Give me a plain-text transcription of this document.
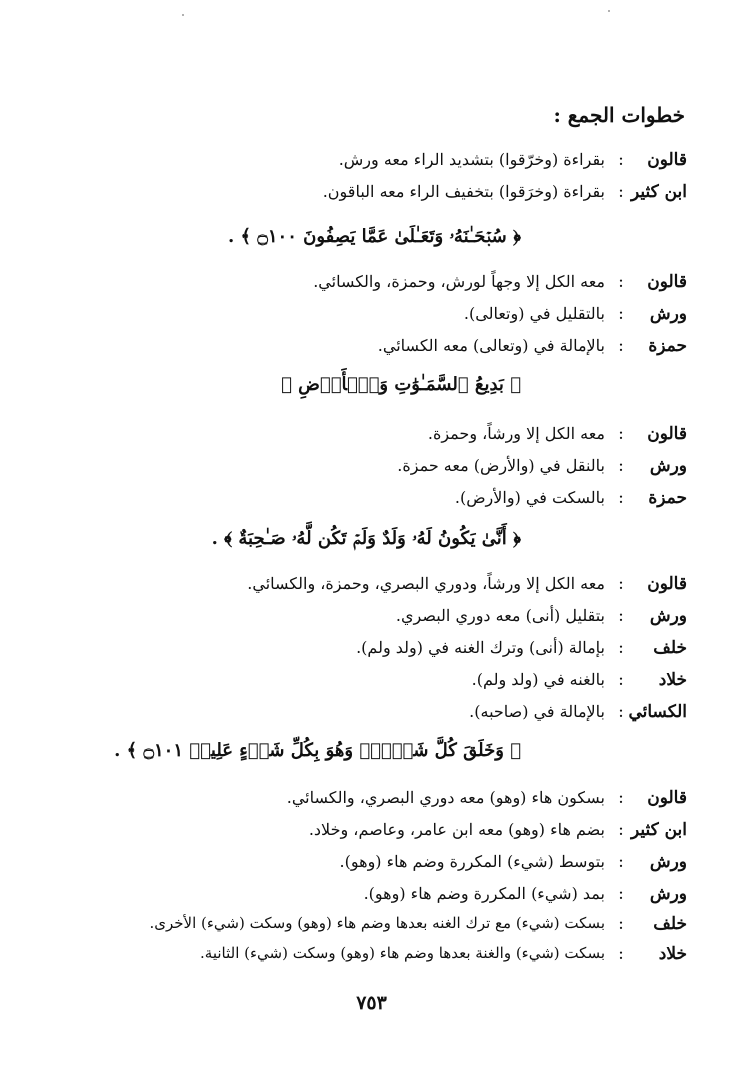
خطوات الجمع :
قالون
:
بقراءة (وخرّقوا) بتشديد الراء معه ورش.
ابن كثير
:
بقراءة (وخرَقوا) بتخفيف الراء معه الباقون.
﴿ سُبۡحَـٰنَهُۥ وَتَعَـٰلَىٰ عَمَّا يَصِفُونَ ۝١٠٠ ﴾ .
قالون
:
معه الكل إلا وجهاً لورش، وحمزة، والكسائي.
ورش
:
بالتقليل في (وتعالى).
حمزة
:
بالإمالة في (وتعالى) معه الكسائي.
﴿ بَدِيعُ ٱلسَّمَـٰوَٰتِ وَٱلۡأَرۡضِ ﴾
قالون
:
معه الكل إلا ورشاً، وحمزة.
ورش
:
بالنقل في (والأرض) معه حمزة.
حمزة
:
بالسكت في (والأرض).
﴿ أَنَّىٰ يَكُونُ لَهُۥ وَلَدٌ وَلَمۡ تَكُن لَّهُۥ صَـٰحِبَةٌ ﴾ .
قالون
:
معه الكل إلا ورشاً، ودوري البصري، وحمزة، والكسائي.
ورش
:
بتقليل (أنى) معه دوري البصري.
خلف
:
بإمالة (أنى) وترك الغنه في (ولد ولم).
خلاد
:
بالغنه في (ولد ولم).
الكسائي
:
بالإمالة في (صاحبه).
﴿ وَخَلَقَ كُلَّ شَيۡءٖۖ وَهُوَ بِكُلِّ شَيۡءٍ عَلِيمٞ ۝١٠١ ﴾ .
قالون
:
بسكون هاء (وهو) معه دوري البصري، والكسائي.
ابن كثير
:
بضم هاء (وهو) معه ابن عامر، وعاصم، وخلاد.
ورش
:
بتوسط (شيء) المكررة وضم هاء (وهو).
ورش
:
بمد (شيء) المكررة وضم هاء (وهو).
خلف
:
بسكت (شيء) مع ترك الغنه بعدها وضم هاء (وهو) وسكت (شيء) الأخرى.
خلاد
:
بسكت (شيء) والغنة بعدها وضم هاء (وهو) وسكت (شيء) الثانية.
٧٥٣
